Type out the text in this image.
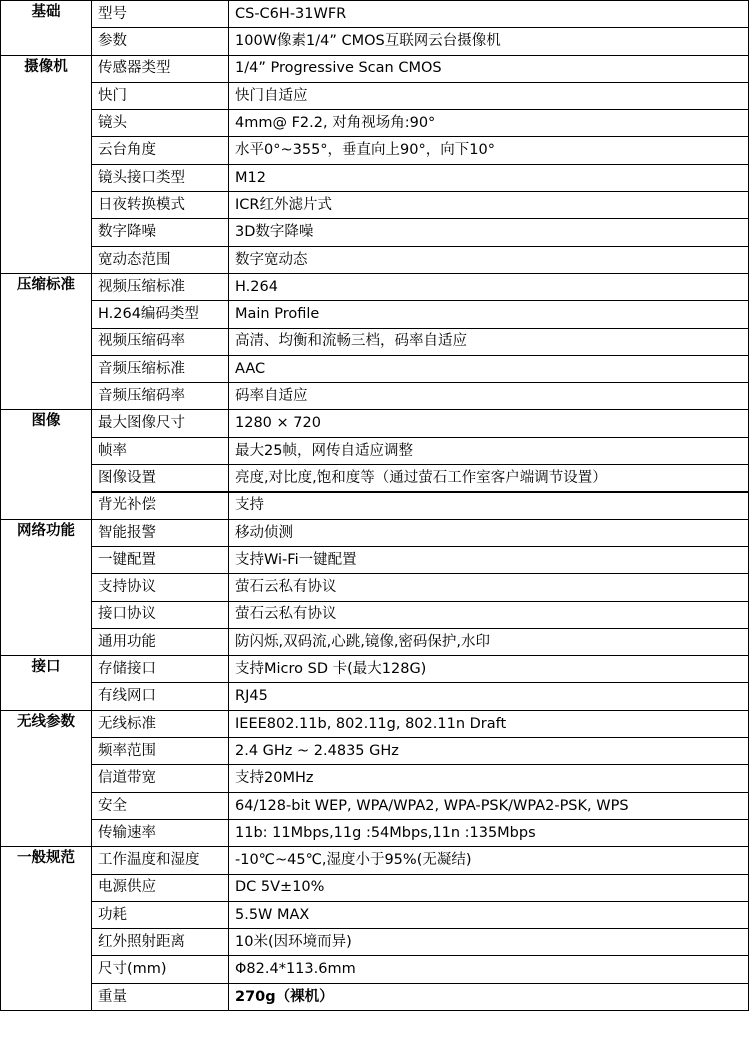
基础	型号	CS-C6H-31WFR
	参数	100W像素1/4” CMOS互联网云台摄像机
摄像机	传感器类型	1/4” Progressive Scan CMOS
	快门	快门自适应
	镜头	4mm@ F2.2, 对角视场角:90°
	云台角度	水平0°~355°，垂直向上90°，向下10°
	镜头接口类型	M12
	日夜转换模式	ICR红外滤片式
	数字降噪	3D数字降噪
	宽动态范围	数字宽动态
压缩标准	视频压缩标准	H.264
	H.264编码类型	Main Profile
	视频压缩码率	高清、均衡和流畅三档，码率自适应
	音频压缩标准	AAC
	音频压缩码率	码率自适应
图像	最大图像尺寸	1280 × 720
	帧率	最大25帧，网传自适应调整
	图像设置	亮度,对比度,饱和度等（通过萤石工作室客户端调节设置）
	背光补偿	支持
网络功能	智能报警	移动侦测
	一键配置	支持Wi-Fi一键配置
	支持协议	萤石云私有协议
	接口协议	萤石云私有协议
	通用功能	防闪烁,双码流,心跳,镜像,密码保护,水印
接口	存储接口	支持Micro SD 卡(最大128G)
	有线网口	RJ45
无线参数	无线标准	IEEE802.11b, 802.11g, 802.11n Draft
	频率范围	2.4 GHz ~ 2.4835 GHz
	信道带宽	支持20MHz
	安全	64/128-bit WEP, WPA/WPA2, WPA-PSK/WPA2-PSK, WPS
	传输速率	11b: 11Mbps,11g :54Mbps,11n :135Mbps
一般规范	工作温度和湿度	-10℃~45℃,湿度小于95%(无凝结)
	电源供应	DC 5V±10%
	功耗	5.5W MAX
	红外照射距离	10米(因环境而异)
	尺寸(mm)	Φ82.4*113.6mm
	重量	270g（裸机）
